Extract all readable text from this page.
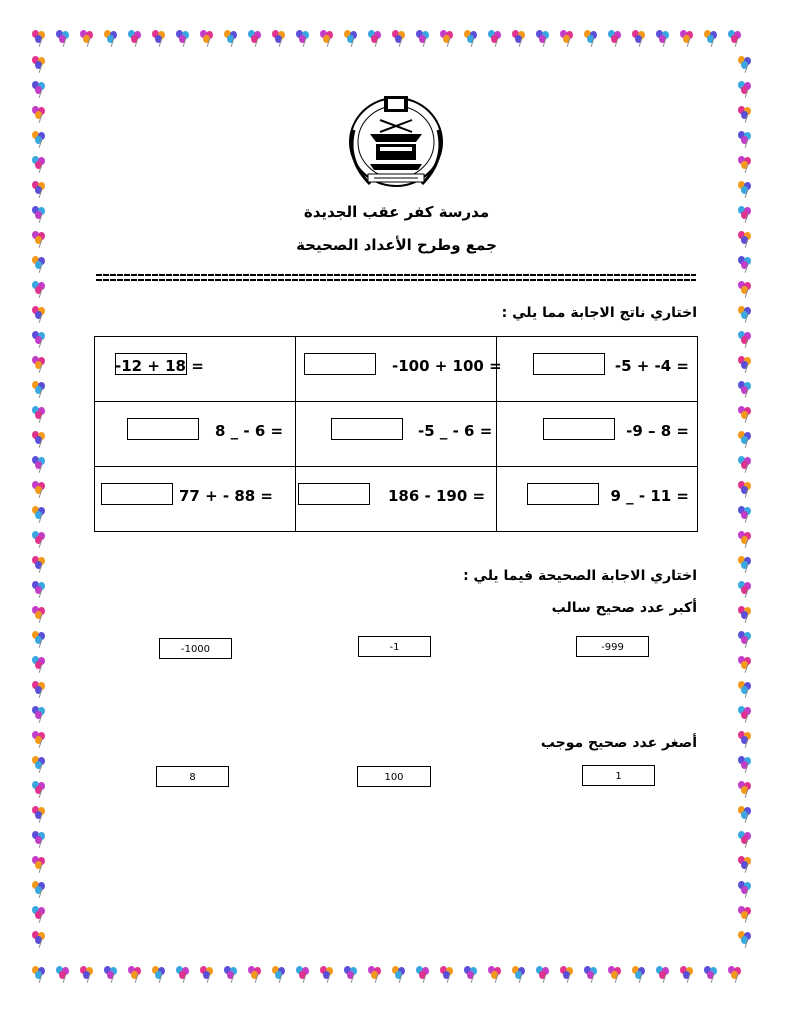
مدرسة كفر عقب الجديدة
جمع وطرح الأعداد الصحيحة
اختاري ناتج الاجابة مما يلي :
-12 + 18 =	-100 + 100 =	-5 + -4 =

8 _ - 6 =	-5 _ - 6 =	-9 – 8 =

77 + - 88 =	186 - 190 =	9 _ - 11 =
اختاري الاجابة الصحيحة فيما يلي :
أكبر عدد صحيح سالب
-999
-1
-1000
أصغر عدد صحيح موجب
1
100
8
